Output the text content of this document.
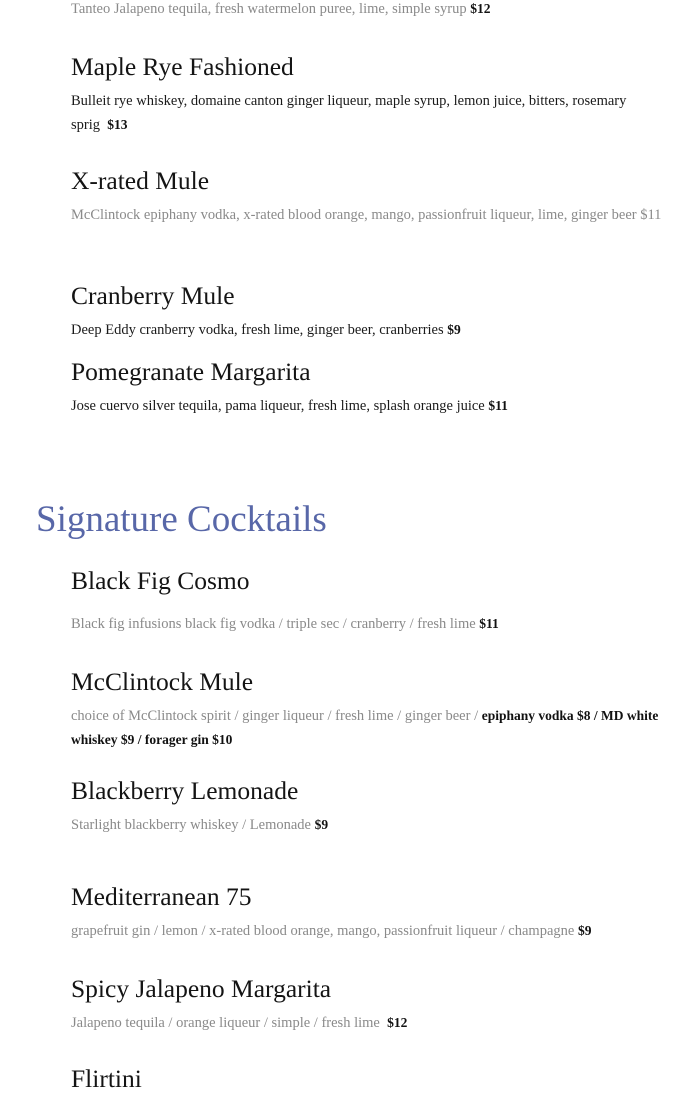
Tanteo Jalapeno tequila, fresh watermelon puree, lime, simple syrup $12
Maple Rye Fashioned
Bulleit rye whiskey, domaine canton ginger liqueur, maple syrup, lemon juice, bitters, rosemary sprig $13
X-rated Mule
McClintock epiphany vodka, x-rated blood orange, mango, passionfruit liqueur, lime, ginger beer $11
Cranberry Mule
Deep Eddy cranberry vodka, fresh lime, ginger beer, cranberries $9
Pomegranate Margarita
Jose cuervo silver tequila, pama liqueur, fresh lime, splash orange juice $11
Signature Cocktails
Black Fig Cosmo
Black fig infusions black fig vodka / triple sec / cranberry / fresh lime $11
McClintock Mule
choice of McClintock spirit / ginger liqueur / fresh lime / ginger beer / epiphany vodka $8 / MD white whiskey $9 / forager gin $10
Blackberry Lemonade
Starlight blackberry whiskey / Lemonade $9
Mediterranean 75
grapefruit gin / lemon / x-rated blood orange, mango, passionfruit liqueur / champagne $9
Spicy Jalapeno Margarita
Jalapeno tequila / orange liqueur / simple / fresh lime $12
Flirtini
